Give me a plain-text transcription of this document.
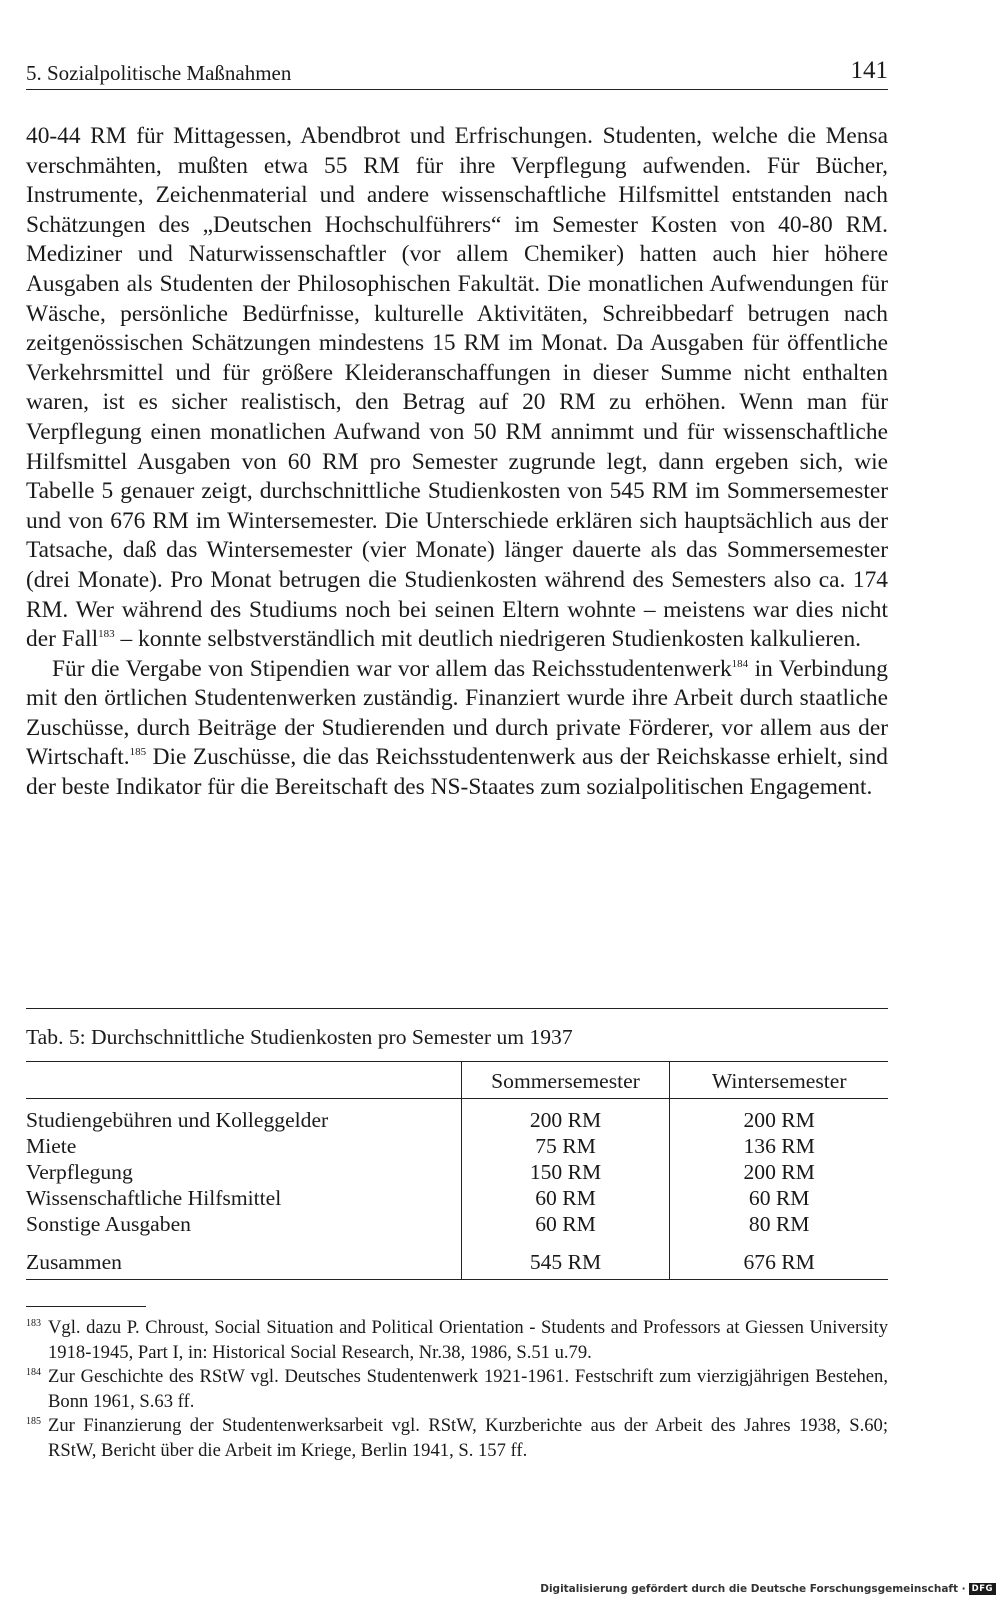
5. Sozialpolitische Maßnahmen	141

40-44 RM für Mittagessen, Abendbrot und Erfrischungen. Studenten, welche die Mensa verschmähten, mußten etwa 55 RM für ihre Verpflegung aufwenden. Für Bücher, Instrumente, Zeichenmaterial und andere wissenschaftliche Hilfsmittel entstanden nach Schätzungen des „Deutschen Hochschulführers“ im Semester Kosten von 40-80 RM. Mediziner und Naturwissenschaftler (vor allem Chemiker) hatten auch hier höhere Ausgaben als Studenten der Philosophischen Fakultät. Die monatlichen Aufwendungen für Wäsche, persönliche Bedürfnisse, kulturelle Aktivitäten, Schreibbedarf betrugen nach zeitgenössischen Schätzungen mindestens 15 RM im Monat. Da Ausgaben für öffentliche Verkehrsmittel und für größere Kleideranschaffungen in dieser Summe nicht enthalten waren, ist es sicher realistisch, den Betrag auf 20 RM zu erhöhen. Wenn man für Verpflegung einen monatlichen Aufwand von 50 RM annimmt und für wissenschaftliche Hilfsmittel Ausgaben von 60 RM pro Semester zugrunde legt, dann ergeben sich, wie Tabelle 5 genauer zeigt, durchschnittliche Studienkosten von 545 RM im Sommersemester und von 676 RM im Wintersemester. Die Unterschiede erklären sich hauptsächlich aus der Tatsache, daß das Wintersemester (vier Monate) länger dauerte als das Sommersemester (drei Monate). Pro Monat betrugen die Studienkosten während des Semesters also ca. 174 RM. Wer während des Studiums noch bei seinen Eltern wohnte – meistens war dies nicht der Fall$^{183}$ – konnte selbstverständlich mit deutlich niedrigeren Studienkosten kalkulieren.

Für die Vergabe von Stipendien war vor allem das Reichsstudentenwerk$^{184}$ in Verbindung mit den örtlichen Studentenwerken zuständig. Finanziert wurde ihre Arbeit durch staatliche Zuschüsse, durch Beiträge der Studierenden und durch private Förderer, vor allem aus der Wirtschaft.$^{185}$ Die Zuschüsse, die das Reichsstudentenwerk aus der Reichskasse erhielt, sind der beste Indikator für die Bereitschaft des NS-Staates zum sozialpolitischen Engagement.

Tab. 5: Durchschnittliche Studienkosten pro Semester um 1937
	Sommersemester	Wintersemester
Studiengebühren und Kolleggelder	200 RM	200 RM
Miete	75 RM	136 RM
Verpflegung	150 RM	200 RM
Wissenschaftliche Hilfsmittel	60 RM	60 RM
Sonstige Ausgaben	60 RM	80 RM
Zusammen	545 RM	676 RM
183 Vgl. dazu P. Chroust, Social Situation and Political Orientation - Students and Professors at Giessen University 1918-1945, Part I, in: Historical Social Research, Nr.38, 1986, S.51 u.79.
184 Zur Geschichte des RStW vgl. Deutsches Studentenwerk 1921-1961. Festschrift zum vierzigjährigen Bestehen, Bonn 1961, S.63 ff.
185 Zur Finanzierung der Studentenwerksarbeit vgl. RStW, Kurzberichte aus der Arbeit des Jahres 1938, S.60; RStW, Bericht über die Arbeit im Kriege, Berlin 1941, S. 157 ff.
Digitalisierung gefördert durch die Deutsche Forschungsgemeinschaft · DFG
